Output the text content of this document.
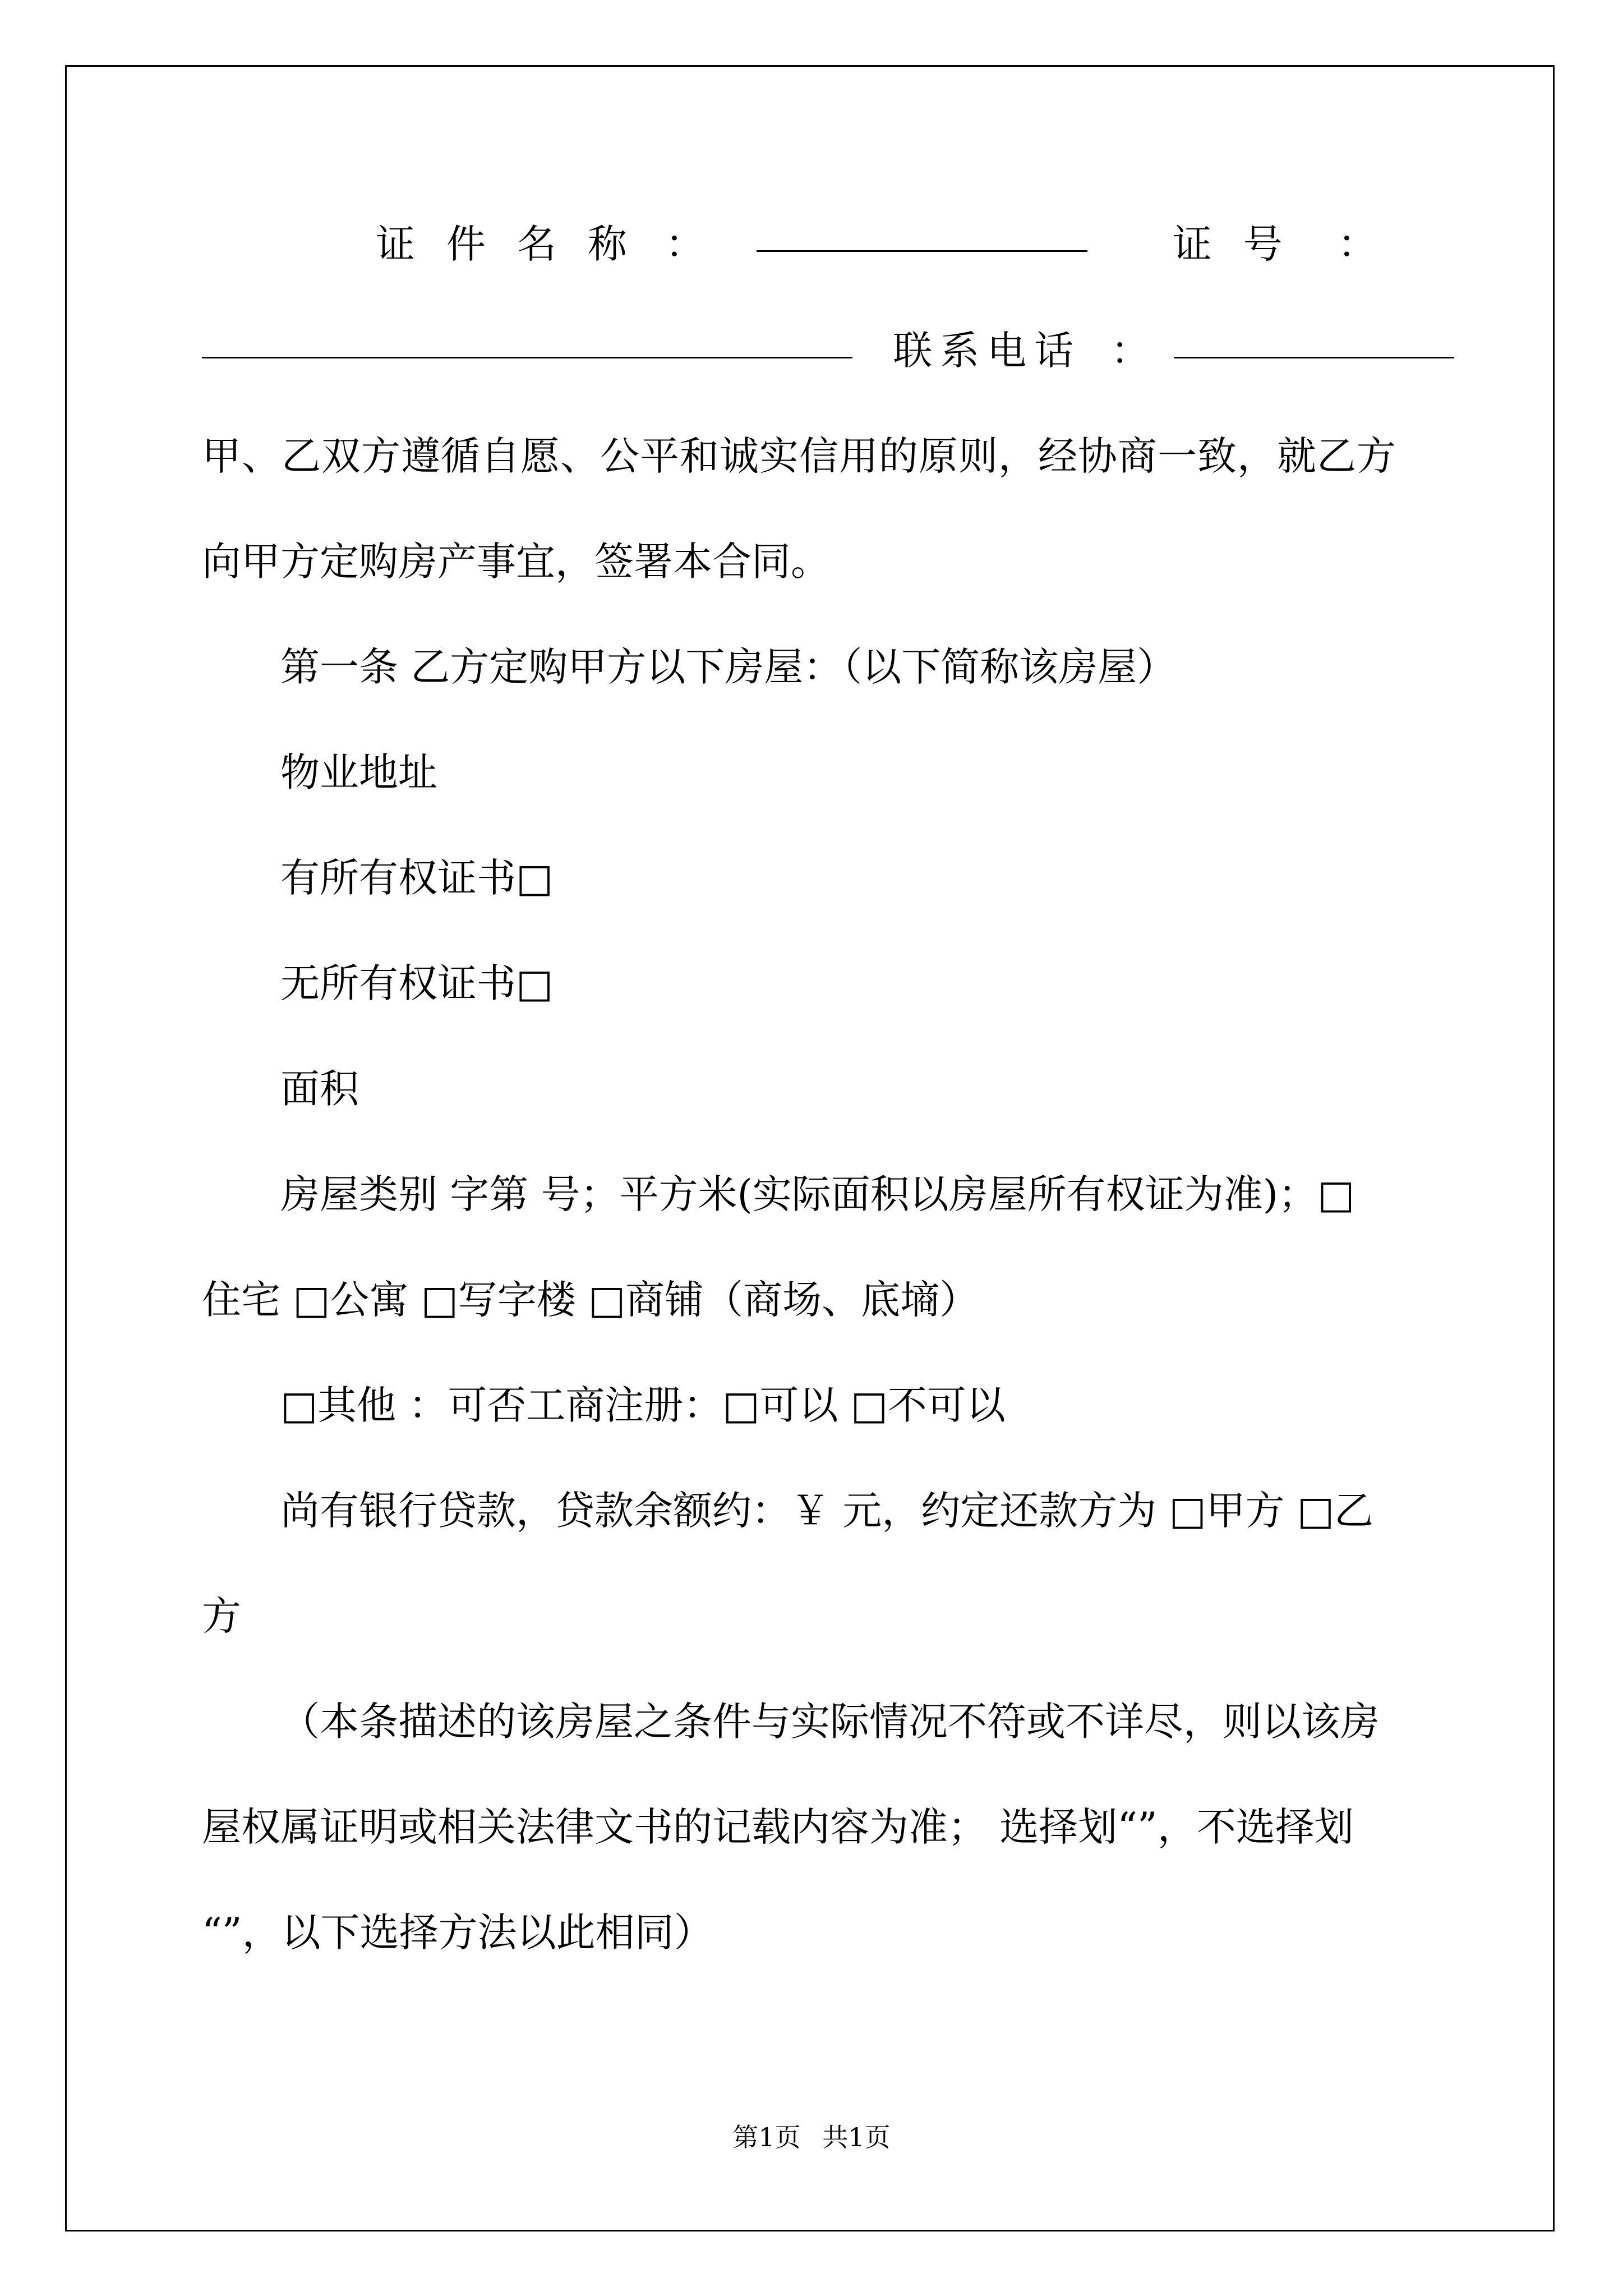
证件名称 ：	证号 ：
联系电话 ：
甲、乙双方遵循自愿、公平和诚实信用的原则，经协商一致，就乙方
向甲方定购房产事宜，签署本合同。
第一条 乙方定购甲方以下房屋：（以下简称该房屋）
物业地址
有所有权证书□
无所有权证书□
面积
房屋类别 字第 号；平方米(实际面积以房屋所有权证为准)；□
住宅 □公寓 □写字楼 □商铺（商场、底墒）
□其他 ：可否工商注册：□可以 □不可以
尚有银行贷款，贷款余额约：￥ 元，约定还款方为 □甲方 □乙
方
（本条描述的该房屋之条件与实际情况不符或不详尽，则以该房
屋权属证明或相关法律文书的记载内容为准； 选择划“”，不选择划
“”，以下选择方法以此相同）
第1页 共1页
